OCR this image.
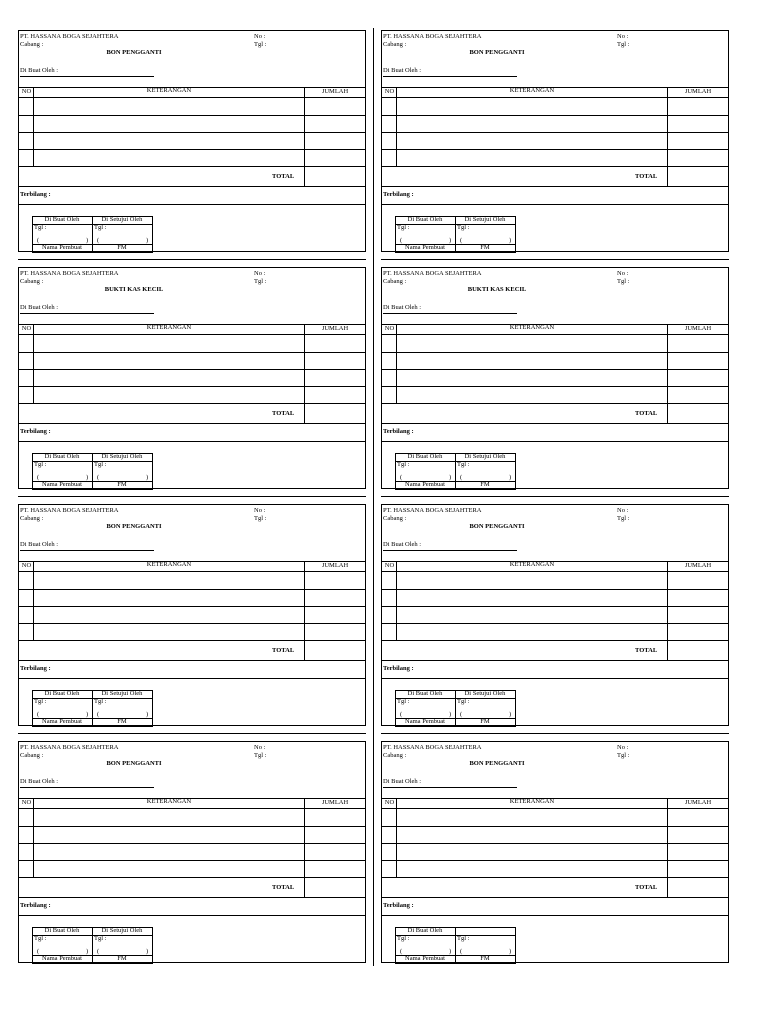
PT. HASSANA BOGA SEJAHTERA	No :
Cabang :	Tgl :
BON PENGGANTI
Di Buat Oleh :
NO	KETERANGAN	JUMLAH
TOTAL
Terbilang :
Di Buat Oleh	Di Setujui Oleh
Tgl :	Tgl :
(	) (	)
Nama Pembuat	FM
PT. HASSANA BOGA SEJAHTERA	No :
Cabang :	Tgl :
BON PENGGANTI
Di Buat Oleh :
NO	KETERANGAN	JUMLAH
TOTAL
Terbilang :
Di Buat Oleh	Di Setujui Oleh
Tgl :	Tgl :
(	) (	)
Nama Pembuat	FM
PT. HASSANA BOGA SEJAHTERA	No :
Cabang :	Tgl :
BUKTI KAS KECIL
Di Buat Oleh :
NO	KETERANGAN	JUMLAH
TOTAL
Terbilang :
Di Buat Oleh	Di Setujui Oleh
Tgl :	Tgl :
(	) (	)
Nama Pembuat	FM
PT. HASSANA BOGA SEJAHTERA	No :
Cabang :	Tgl :
BUKTI KAS KECIL
Di Buat Oleh :
NO	KETERANGAN	JUMLAH
TOTAL
Terbilang :
Di Buat Oleh	Di Setujui Oleh
Tgl :	Tgl :
(	) (	)
Nama Pembuat	FM
PT. HASSANA BOGA SEJAHTERA	No :
Cabang :	Tgl :
BON PENGGANTI
Di Buat Oleh :
NO	KETERANGAN	JUMLAH
TOTAL
Terbilang :
Di Buat Oleh	Di Setujui Oleh
Tgl :	Tgl :
(	) (	)
Nama Pembuat	FM
PT. HASSANA BOGA SEJAHTERA	No :
Cabang :	Tgl :
BON PENGGANTI
Di Buat Oleh :
NO	KETERANGAN	JUMLAH
TOTAL
Terbilang :
Di Buat Oleh	Di Setujui Oleh
Tgl :	Tgl :
(	) (	)
Nama Pembuat	FM
PT. HASSANA BOGA SEJAHTERA	No :
Cabang :	Tgl :
BON PENGGANTI
Di Buat Oleh :
NO	KETERANGAN	JUMLAH
TOTAL
Terbilang :
Di Buat Oleh	Di Setujui Oleh
Tgl :	Tgl :
(	) (	)
Nama Pembuat	FM
PT. HASSANA BOGA SEJAHTERA	No :
Cabang :	Tgl :
BON PENGGANTI
Di Buat Oleh :
NO	KETERANGAN	JUMLAH
TOTAL
Terbilang :
Di Buat Oleh
Tgl :	Tgl :
(	) (	)
Nama Pembuat	FM
